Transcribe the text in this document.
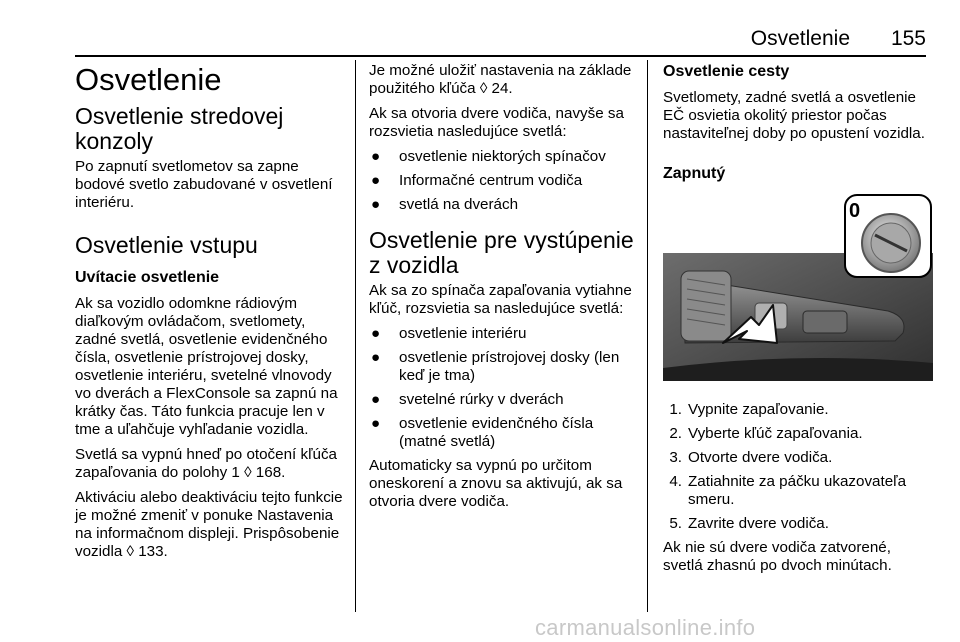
Osvetlenie 155
Osvetlenie
Osvetlenie stredovej konzoly

Po zapnutí svetlometov sa zapne bodové svetlo zabudované v osvetlení interiéru.

Osvetlenie vstupu
Uvítacie osvetlenie

Ak sa vozidlo odomkne rádiovým diaľkovým ovládačom, svetlomety, zadné svetlá, osvetlenie evidenčného čísla, osvetlenie prístrojovej dosky, osvetlenie interiéru, svetelné vlnovody vo dverách a FlexConsole sa zapnú na krátky čas. Táto funkcia pracuje len v tme a uľahčuje vyhľadanie vozidla.

Svetlá sa vypnú hneď po otočení kľúča zapaľovania do polohy 1 ◊ 168.

Aktiváciu alebo deaktiváciu tejto funkcie je možné zmeniť v ponuke Nastavenia na informačnom displeji. Prispôsobenie vozidla ◊ 133.

Je možné uložiť nastavenia na základe použitého kľúča ◊ 24.

Ak sa otvoria dvere vodiča, navyše sa rozsvietia nasledujúce svetlá:

●	osvetlenie niektorých spínačov
●	Informačné centrum vodiča
●	svetlá na dverách
Osvetlenie pre vystúpenie z vozidla

Ak sa zo spínača zapaľovania vytiahne kľúč, rozsvietia sa nasledujúce svetlá:

●	osvetlenie interiéru
●	osvetlenie prístrojovej dosky (len keď je tma)
●	svetelné rúrky v dverách
●	osvetlenie evidenčného čísla (matné svetlá)

Automaticky sa vypnú po určitom oneskorení a znovu sa aktivujú, ak sa otvoria dvere vodiča.

Osvetlenie cesty

Svetlomety, zadné svetlá a osvetlenie EČ osvietia okolitý priestor počas nastaviteľnej doby po opustení vozidla.

Zapnutý
0
1. Vypnite zapaľovanie.
2. Vyberte kľúč zapaľovania.
3. Otvorte dvere vodiča.
4. Zatiahnite za páčku ukazovateľa smeru.
5. Zavrite dvere vodiča.

Ak nie sú dvere vodiča zatvorené, svetlá zhasnú po dvoch minútach.

carmanualsonline.info
